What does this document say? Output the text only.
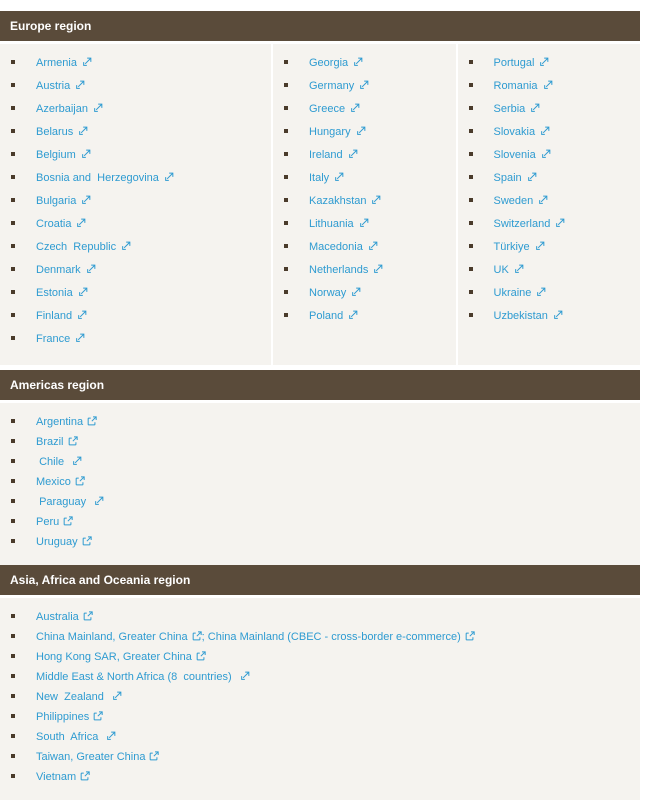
Europe region
Armenia
Austria
Azerbaijan
Belarus
Belgium
Bosnia and  Herzegovina
Bulgaria
Croatia
Czech  Republic
Denmark
Estonia
Finland
France
Georgia
Germany
Greece
Hungary
Ireland
Italy
Kazakhstan
Lithuania
Macedonia
Netherlands
Norway
Poland
Portugal
Romania
Serbia
Slovakia
Slovenia
Spain
Sweden
Switzerland
Türkiye
UK
Ukraine
Uzbekistan
Americas region
Argentina
Brazil
Chile
Mexico
Paraguay
Peru
Uruguay
Asia, Africa and Oceania region
Australia
China Mainland, Greater China ; China Mainland (CBEC - cross-border e-commerce)
Hong Kong SAR, Greater China
Middle East & North Africa (8  countries)
New  Zealand
Philippines
South  Africa
Taiwan, Greater China
Vietnam
